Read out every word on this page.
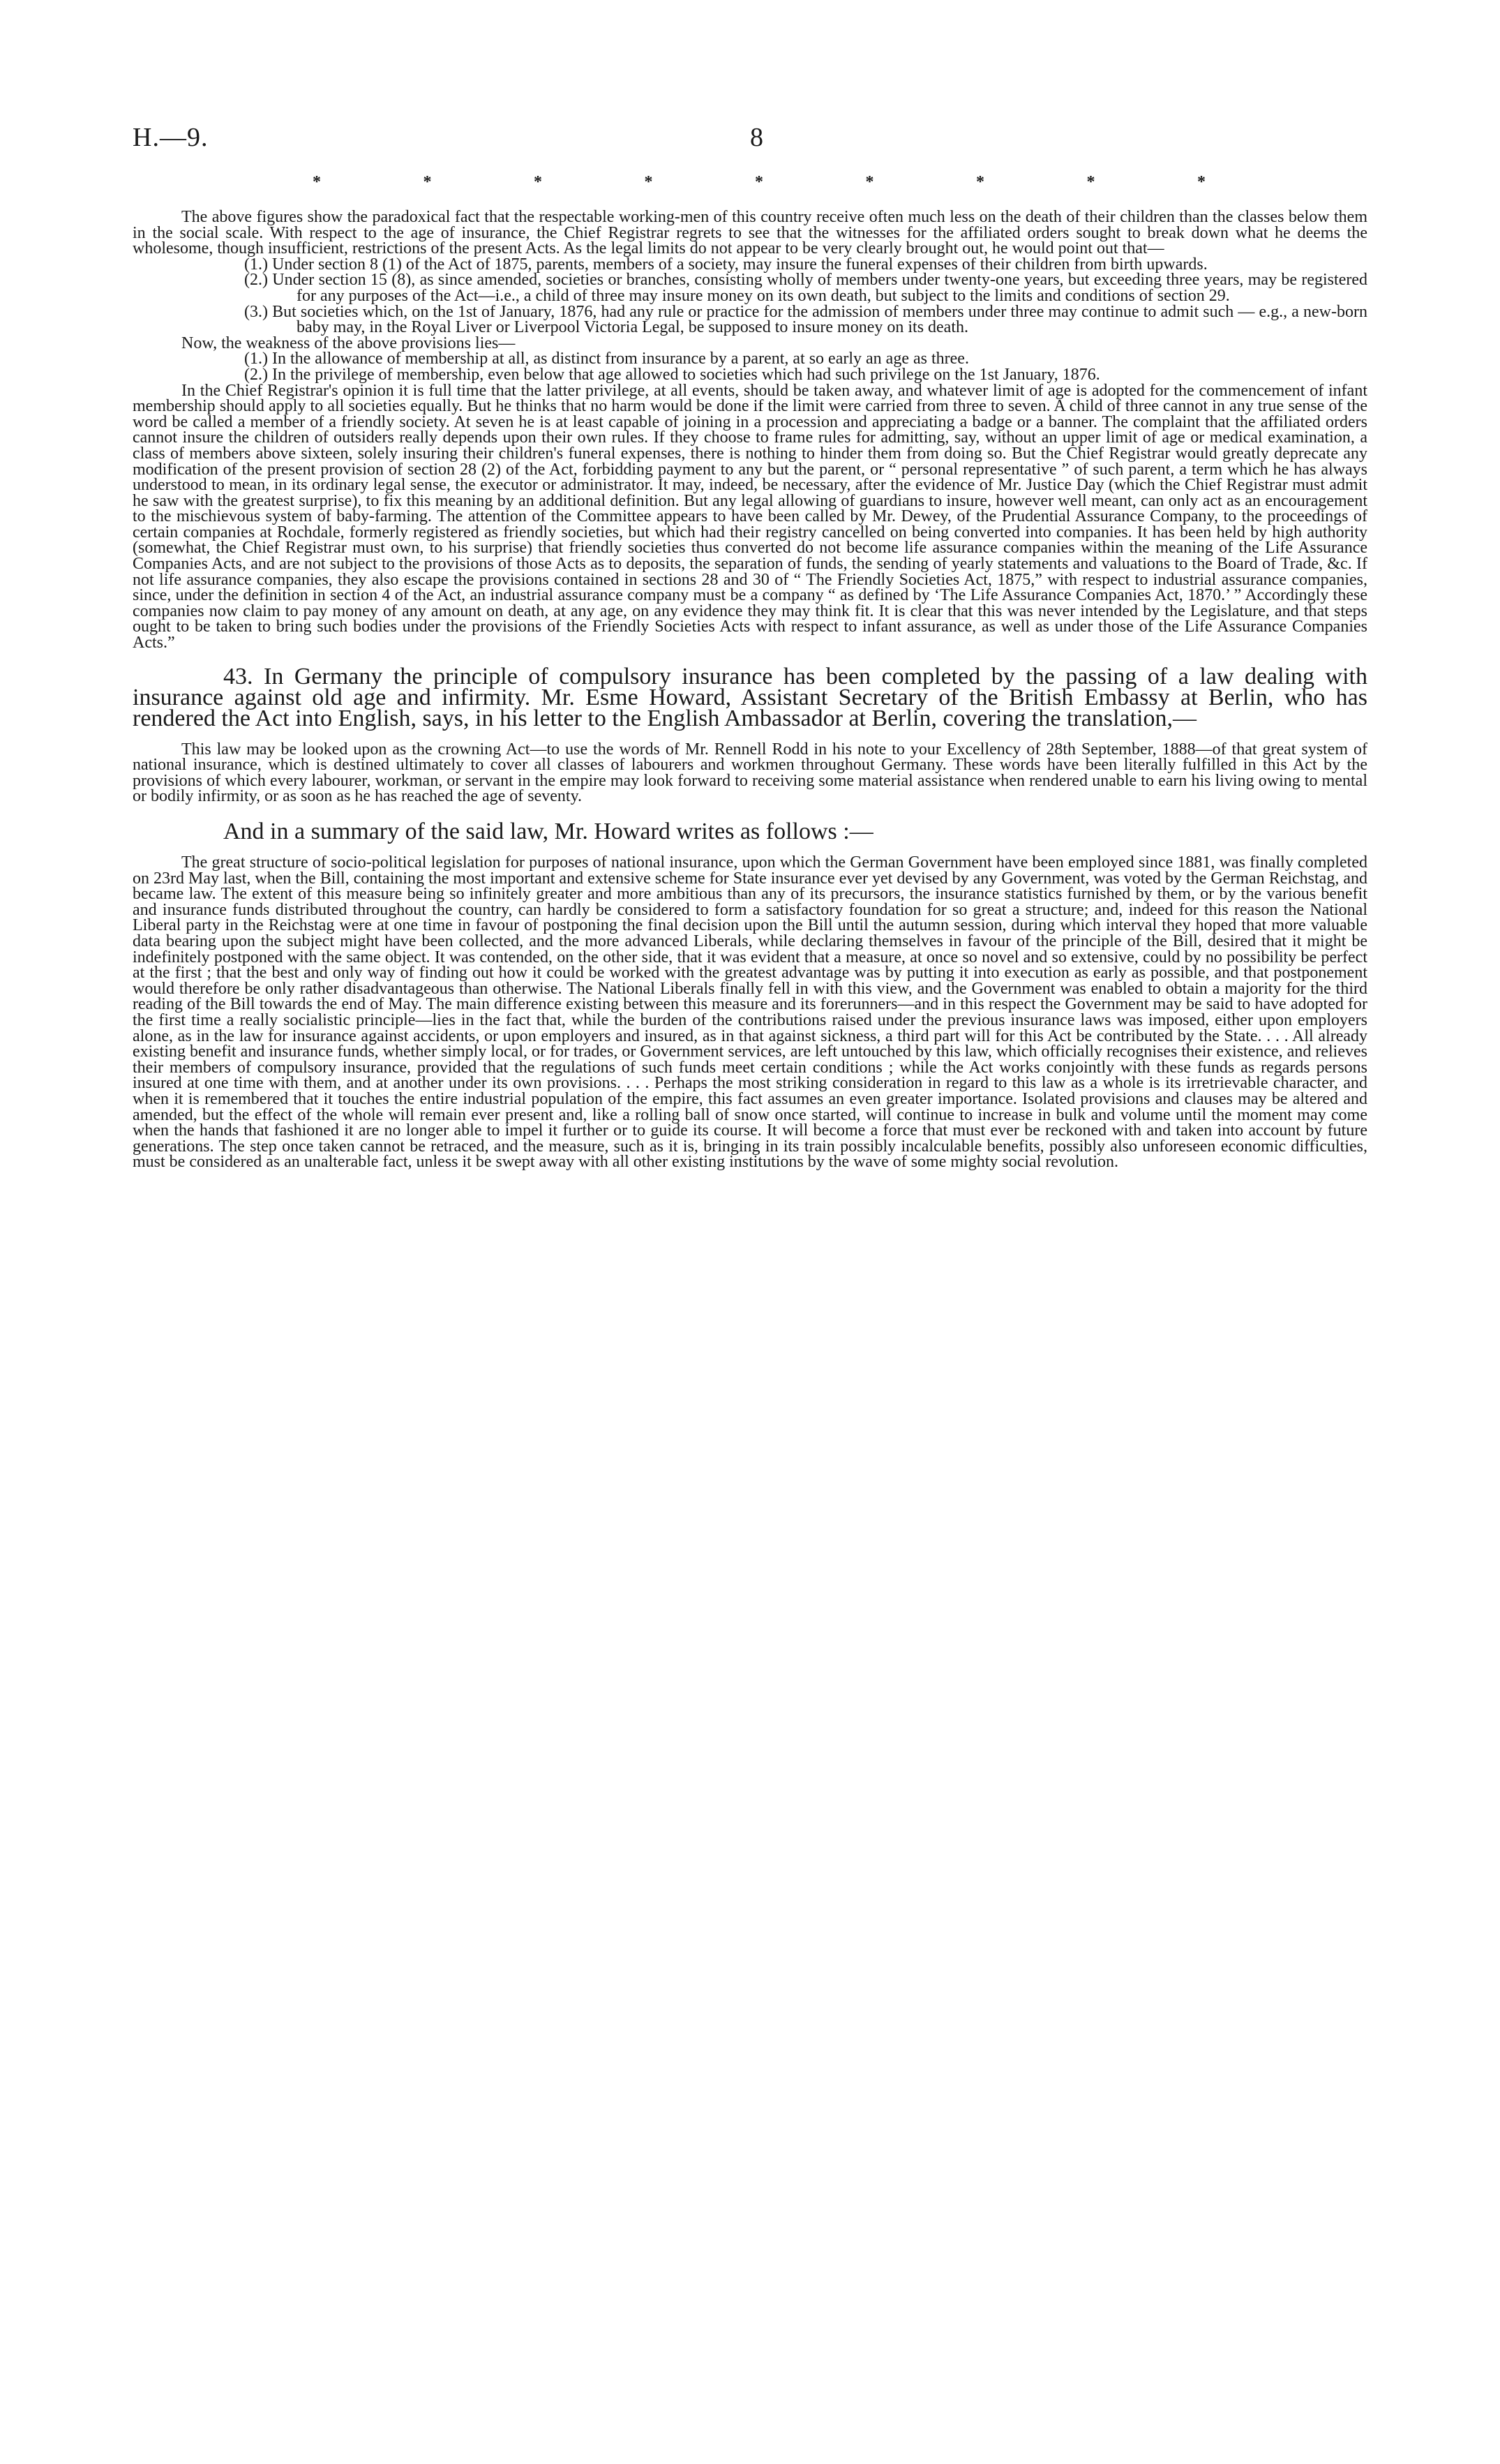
H.—9.	8
*	*	*	*	*	*	*	*	*

The above figures show the paradoxical fact that the respectable working-men of this country receive often much less on the death of their children than the classes below them in the social scale. With respect to the age of insurance, the Chief Registrar regrets to see that the witnesses for the affiliated orders sought to break down what he deems the wholesome, though insufficient, restrictions of the present Acts. As the legal limits do not appear to be very clearly brought out, he would point out that—

(1.) Under section 8 (1) of the Act of 1875, parents, members of a society, may insure the funeral expenses of their children from birth upwards.

(2.) Under section 15 (8), as since amended, societies or branches, consisting wholly of members under twenty-one years, but exceeding three years, may be registered for any purposes of the Act—i.e., a child of three may insure money on its own death, but subject to the limits and conditions of section 29.

(3.) But societies which, on the 1st of January, 1876, had any rule or practice for the admission of members under three may continue to admit such — e.g., a new-born baby may, in the Royal Liver or Liverpool Victoria Legal, be supposed to insure money on its death.

Now, the weakness of the above provisions lies—

(1.) In the allowance of membership at all, as distinct from insurance by a parent, at so early an age as three.

(2.) In the privilege of membership, even below that age allowed to societies which had such privilege on the 1st January, 1876.

In the Chief Registrar's opinion it is full time that the latter privilege, at all events, should be taken away, and whatever limit of age is adopted for the commencement of infant membership should apply to all societies equally. But he thinks that no harm would be done if the limit were carried from three to seven. A child of three cannot in any true sense of the word be called a member of a friendly society. At seven he is at least capable of joining in a procession and appreciating a badge or a banner. The complaint that the affiliated orders cannot insure the children of outsiders really depends upon their own rules. If they choose to frame rules for admitting, say, without an upper limit of age or medical examination, a class of members above sixteen, solely insuring their children's funeral expenses, there is nothing to hinder them from doing so. But the Chief Registrar would greatly deprecate any modification of the present provision of section 28 (2) of the Act, forbidding payment to any but the parent, or “ personal representative ” of such parent, a term which he has always understood to mean, in its ordinary legal sense, the executor or administrator. It may, indeed, be necessary, after the evidence of Mr. Justice Day (which the Chief Registrar must admit he saw with the greatest surprise), to fix this meaning by an additional definition. But any legal allowing of guardians to insure, however well meant, can only act as an encouragement to the mischievous system of baby-farming. The attention of the Committee appears to have been called by Mr. Dewey, of the Prudential Assurance Company, to the proceedings of certain companies at Rochdale, formerly registered as friendly societies, but which had their registry cancelled on being converted into companies. It has been held by high authority (somewhat, the Chief Registrar must own, to his surprise) that friendly societies thus converted do not become life assurance companies within the meaning of the Life Assurance Companies Acts, and are not subject to the provisions of those Acts as to deposits, the separation of funds, the sending of yearly statements and valuations to the Board of Trade, &c. If not life assurance companies, they also escape the provisions contained in sections 28 and 30 of “ The Friendly Societies Act, 1875,” with respect to industrial assurance companies, since, under the definition in section 4 of the Act, an industrial assurance company must be a company “ as defined by ‘The Life Assurance Companies Act, 1870.’ ” Accordingly these companies now claim to pay money of any amount on death, at any age, on any evidence they may think fit. It is clear that this was never intended by the Legislature, and that steps ought to be taken to bring such bodies under the provisions of the Friendly Societies Acts with respect to infant assurance, as well as under those of the Life Assurance Companies Acts.”

43. In Germany the principle of compulsory insurance has been completed by the passing of a law dealing with insurance against old age and infirmity. Mr. Esme Howard, Assistant Secretary of the British Embassy at Berlin, who has rendered the Act into English, says, in his letter to the English Ambassador at Berlin, covering the translation,—

This law may be looked upon as the crowning Act—to use the words of Mr. Rennell Rodd in his note to your Excellency of 28th September, 1888—of that great system of national insurance, which is destined ultimately to cover all classes of labourers and workmen throughout Germany. These words have been literally fulfilled in this Act by the provisions of which every labourer, workman, or servant in the empire may look forward to receiving some material assistance when rendered unable to earn his living owing to mental or bodily infirmity, or as soon as he has reached the age of seventy.

And in a summary of the said law, Mr. Howard writes as follows :—

The great structure of socio-political legislation for purposes of national insurance, upon which the German Government have been employed since 1881, was finally completed on 23rd May last, when the Bill, containing the most important and extensive scheme for State insurance ever yet devised by any Government, was voted by the German Reichstag, and became law. The extent of this measure being so infinitely greater and more ambitious than any of its precursors, the insurance statistics furnished by them, or by the various benefit and insurance funds distributed throughout the country, can hardly be considered to form a satisfactory foundation for so great a structure; and, indeed for this reason the National Liberal party in the Reichstag were at one time in favour of postponing the final decision upon the Bill until the autumn session, during which interval they hoped that more valuable data bearing upon the subject might have been collected, and the more advanced Liberals, while declaring themselves in favour of the principle of the Bill, desired that it might be indefinitely postponed with the same object. It was contended, on the other side, that it was evident that a measure, at once so novel and so extensive, could by no possibility be perfect at the first ; that the best and only way of finding out how it could be worked with the greatest advantage was by putting it into execution as early as possible, and that postponement would therefore be only rather disadvantageous than otherwise. The National Liberals finally fell in with this view, and the Government was enabled to obtain a majority for the third reading of the Bill towards the end of May. The main difference existing between this measure and its forerunners—and in this respect the Government may be said to have adopted for the first time a really socialistic principle—lies in the fact that, while the burden of the contributions raised under the previous insurance laws was imposed, either upon employers alone, as in the law for insurance against accidents, or upon employers and insured, as in that against sickness, a third part will for this Act be contributed by the State. . . . All already existing benefit and insurance funds, whether simply local, or for trades, or Government services, are left untouched by this law, which officially recognises their existence, and relieves their members of compulsory insurance, provided that the regulations of such funds meet certain conditions ; while the Act works conjointly with these funds as regards persons insured at one time with them, and at another under its own provisions. . . . Perhaps the most striking consideration in regard to this law as a whole is its irretrievable character, and when it is remembered that it touches the entire industrial population of the empire, this fact assumes an even greater importance. Isolated provisions and clauses may be altered and amended, but the effect of the whole will remain ever present and, like a rolling ball of snow once started, will continue to increase in bulk and volume until the moment may come when the hands that fashioned it are no longer able to impel it further or to guide its course. It will become a force that must ever be reckoned with and taken into account by future generations. The step once taken cannot be retraced, and the measure, such as it is, bringing in its train possibly incalculable benefits, possibly also unforeseen economic difficulties, must be considered as an unalterable fact, unless it be swept away with all other existing institutions by the wave of some mighty social revolution.
